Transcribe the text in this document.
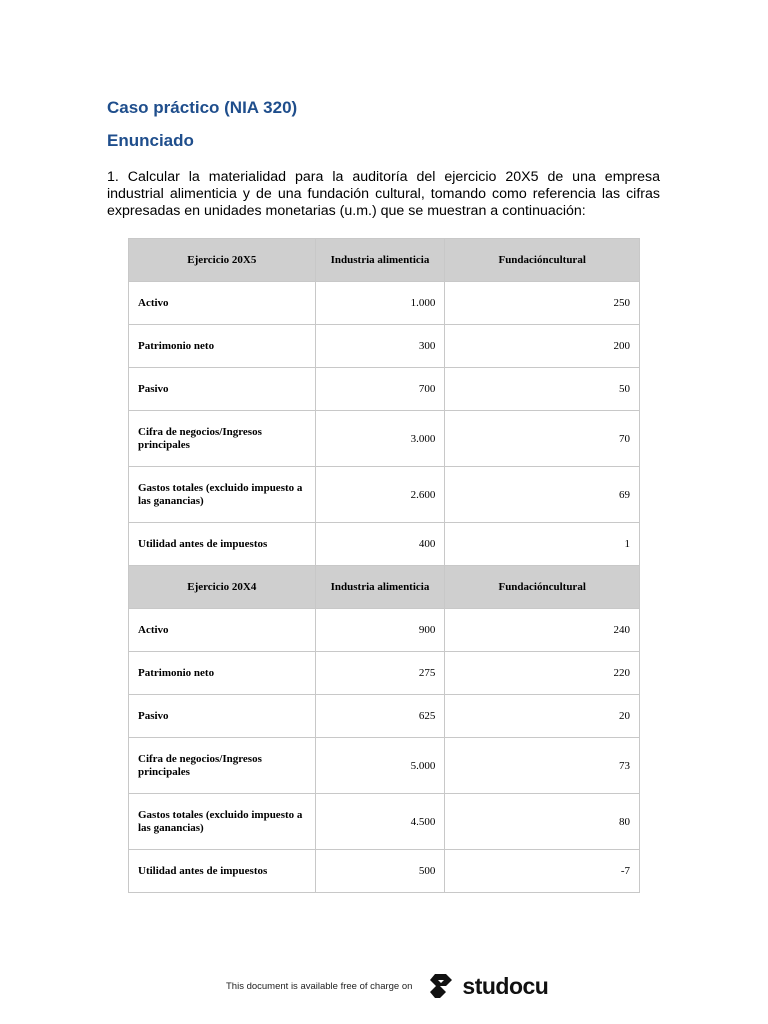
Caso práctico (NIA 320)
Enunciado

1. Calcular la materialidad para la auditoría del ejercicio 20X5 de una empresa industrial alimenticia y de una fundación cultural, tomando como referencia las cifras expresadas en unidades monetarias (u.m.) que se muestran a continuación:

Ejercicio 20X5	Industria alimenticia	Fundacióncultural
Activo	1.000	250
Patrimonio neto	300	200
Pasivo	700	50
Cifra de negocios/Ingresos principales	3.000	70
Gastos totales (excluido impuesto a las ganancias)	2.600	69
Utilidad antes de impuestos	400	1
Ejercicio 20X4	Industria alimenticia	Fundacióncultural
Activo	900	240
Patrimonio neto	275	220
Pasivo	625	20
Cifra de negocios/Ingresos principales	5.000	73
Gastos totales (excluido impuesto a las ganancias)	4.500	80
Utilidad antes de impuestos	500	-7
This document is available free of charge on studocu
